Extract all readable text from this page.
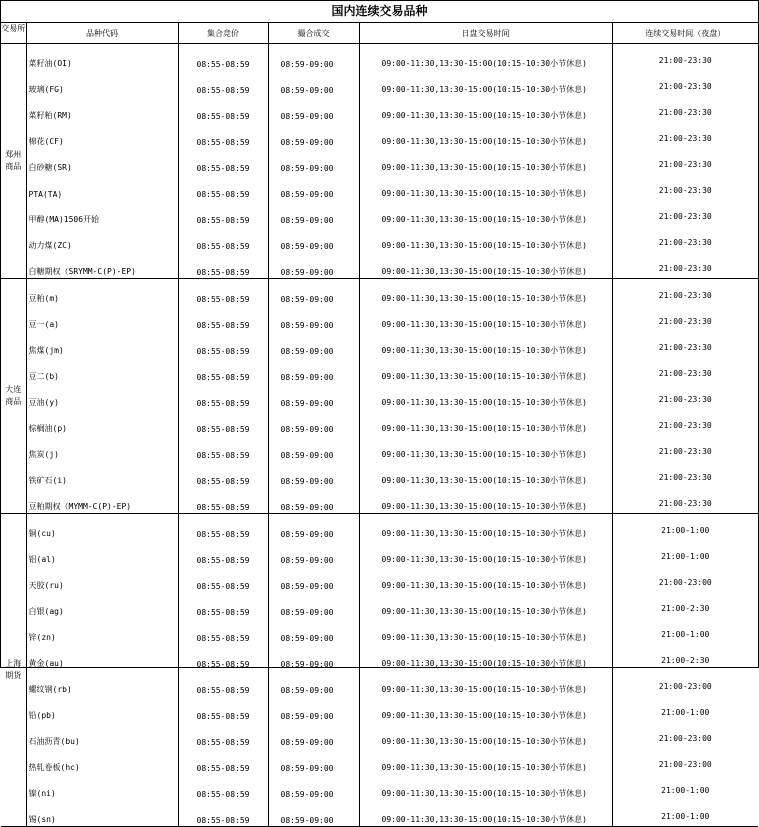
国内连续交易品种
交易所	品种代码	集合竞价	撮合成交	日盘交易时间	连续交易时间（夜盘）
郑州商品	菜籽油(OI)	08:55-08:59	08:59-09:00	09:00-11:30,13:30-15:00(10:15-10:30小节休息)	21:00-23:30
	玻璃(FG)	08:55-08:59	08:59-09:00	09:00-11:30,13:30-15:00(10:15-10:30小节休息)	21:00-23:30
	菜籽粕(RM)	08:55-08:59	08:59-09:00	09:00-11:30,13:30-15:00(10:15-10:30小节休息)	21:00-23:30
	棉花(CF)	08:55-08:59	08:59-09:00	09:00-11:30,13:30-15:00(10:15-10:30小节休息)	21:00-23:30
	白砂糖(SR)	08:55-08:59	08:59-09:00	09:00-11:30,13:30-15:00(10:15-10:30小节休息)	21:00-23:30
	PTA(TA)	08:55-08:59	08:59-09:00	09:00-11:30,13:30-15:00(10:15-10:30小节休息)	21:00-23:30
	甲醇(MA)1506开始	08:55-08:59	08:59-09:00	09:00-11:30,13:30-15:00(10:15-10:30小节休息)	21:00-23:30
	动力煤(ZC)	08:55-08:59	08:59-09:00	09:00-11:30,13:30-15:00(10:15-10:30小节休息)	21:00-23:30
	白糖期权（SRYMM-C(P)-EP)	08:55-08:59	08:59-09:00	09:00-11:30,13:30-15:00(10:15-10:30小节休息)	21:00-23:30
大连商品	豆粕(m)	08:55-08:59	08:59-09:00	09:00-11:30,13:30-15:00(10:15-10:30小节休息)	21:00-23:30
	豆一(a)	08:55-08:59	08:59-09:00	09:00-11:30,13:30-15:00(10:15-10:30小节休息)	21:00-23:30
	焦煤(jm)	08:55-08:59	08:59-09:00	09:00-11:30,13:30-15:00(10:15-10:30小节休息)	21:00-23:30
	豆二(b)	08:55-08:59	08:59-09:00	09:00-11:30,13:30-15:00(10:15-10:30小节休息)	21:00-23:30
	豆油(y)	08:55-08:59	08:59-09:00	09:00-11:30,13:30-15:00(10:15-10:30小节休息)	21:00-23:30
	棕榈油(p)	08:55-08:59	08:59-09:00	09:00-11:30,13:30-15:00(10:15-10:30小节休息)	21:00-23:30
	焦炭(j)	08:55-08:59	08:59-09:00	09:00-11:30,13:30-15:00(10:15-10:30小节休息)	21:00-23:30
	铁矿石(i)	08:55-08:59	08:59-09:00	09:00-11:30,13:30-15:00(10:15-10:30小节休息)	21:00-23:30
	豆粕期权（MYMM-C(P)-EP)	08:55-08:59	08:59-09:00	09:00-11:30,13:30-15:00(10:15-10:30小节休息)	21:00-23:30
上海期货	铜(cu)	08:55-08:59	08:59-09:00	09:00-11:30,13:30-15:00(10:15-10:30小节休息)	21:00-1:00
	铝(al)	08:55-08:59	08:59-09:00	09:00-11:30,13:30-15:00(10:15-10:30小节休息)	21:00-1:00
	天胶(ru)	08:55-08:59	08:59-09:00	09:00-11:30,13:30-15:00(10:15-10:30小节休息)	21:00-23:00
	白银(ag)	08:55-08:59	08:59-09:00	09:00-11:30,13:30-15:00(10:15-10:30小节休息)	21:00-2:30
	锌(zn)	08:55-08:59	08:59-09:00	09:00-11:30,13:30-15:00(10:15-10:30小节休息)	21:00-1:00
	黄金(au)	08:55-08:59	08:59-09:00	09:00-11:30,13:30-15:00(10:15-10:30小节休息)	21:00-2:30
	螺纹钢(rb)	08:55-08:59	08:59-09:00	09:00-11:30,13:30-15:00(10:15-10:30小节休息)	21:00-23:00
	铅(pb)	08:55-08:59	08:59-09:00	09:00-11:30,13:30-15:00(10:15-10:30小节休息)	21:00-1:00
	石油沥青(bu)	08:55-08:59	08:59-09:00	09:00-11:30,13:30-15:00(10:15-10:30小节休息)	21:00-23:00
	热轧卷板(hc)	08:55-08:59	08:59-09:00	09:00-11:30,13:30-15:00(10:15-10:30小节休息)	21:00-23:00
	镍(ni)	08:55-08:59	08:59-09:00	09:00-11:30,13:30-15:00(10:15-10:30小节休息)	21:00-1:00
	锡(sn)	08:55-08:59	08:59-09:00	09:00-11:30,13:30-15:00(10:15-10:30小节休息)	21:00-1:00
